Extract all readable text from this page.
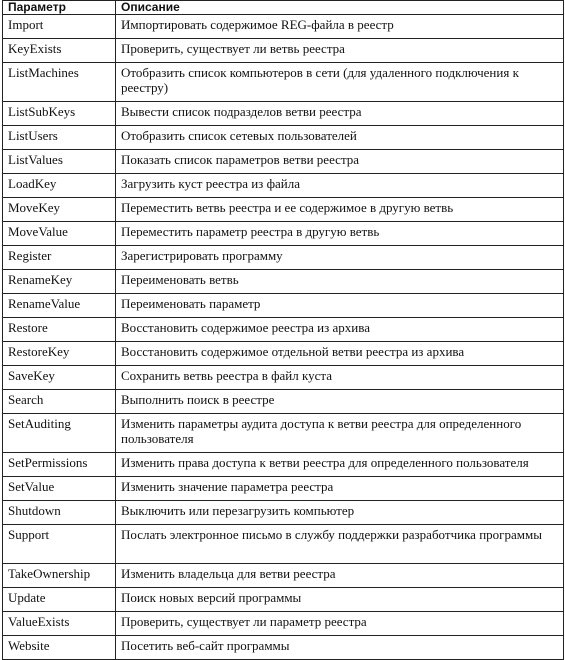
Параметр	Описание
Import	Импортировать содержимое REG-файла в реестр
KeyExists	Проверить, существует ли ветвь реестра
ListMachines	Отобразить список компьютеров в сети (для удаленного подключения к реестру)
ListSubKeys	Вывести список подразделов ветви реестра
ListUsers	Отобразить список сетевых пользователей
ListValues	Показать список параметров ветви реестра
LoadKey	Загрузить куст реестра из файла
MoveKey	Переместить ветвь реестра и ее содержимое в другую ветвь
MoveValue	Переместить параметр реестра в другую ветвь
Register	Зарегистрировать программу
RenameKey	Переименовать ветвь
RenameValue	Переименовать параметр
Restore	Восстановить содержимое реестра из архива
RestoreKey	Восстановить содержимое отдельной ветви реестра из архива
SaveKey	Сохранить ветвь реестра в файл куста
Search	Выполнить поиск в реестре
SetAuditing	Изменить параметры аудита доступа к ветви реестра для определенного пользователя
SetPermissions	Изменить права доступа к ветви реестра для определенного пользователя
SetValue	Изменить значение параметра реестра
Shutdown	Выключить или перезагрузить компьютер
Support	Послать электронное письмо в службу поддержки разработчика программы
TakeOwnership	Изменить владельца для ветви реестра
Update	Поиск новых версий программы
ValueExists	Проверить, существует ли параметр реестра
Website	Посетить веб-сайт программы
